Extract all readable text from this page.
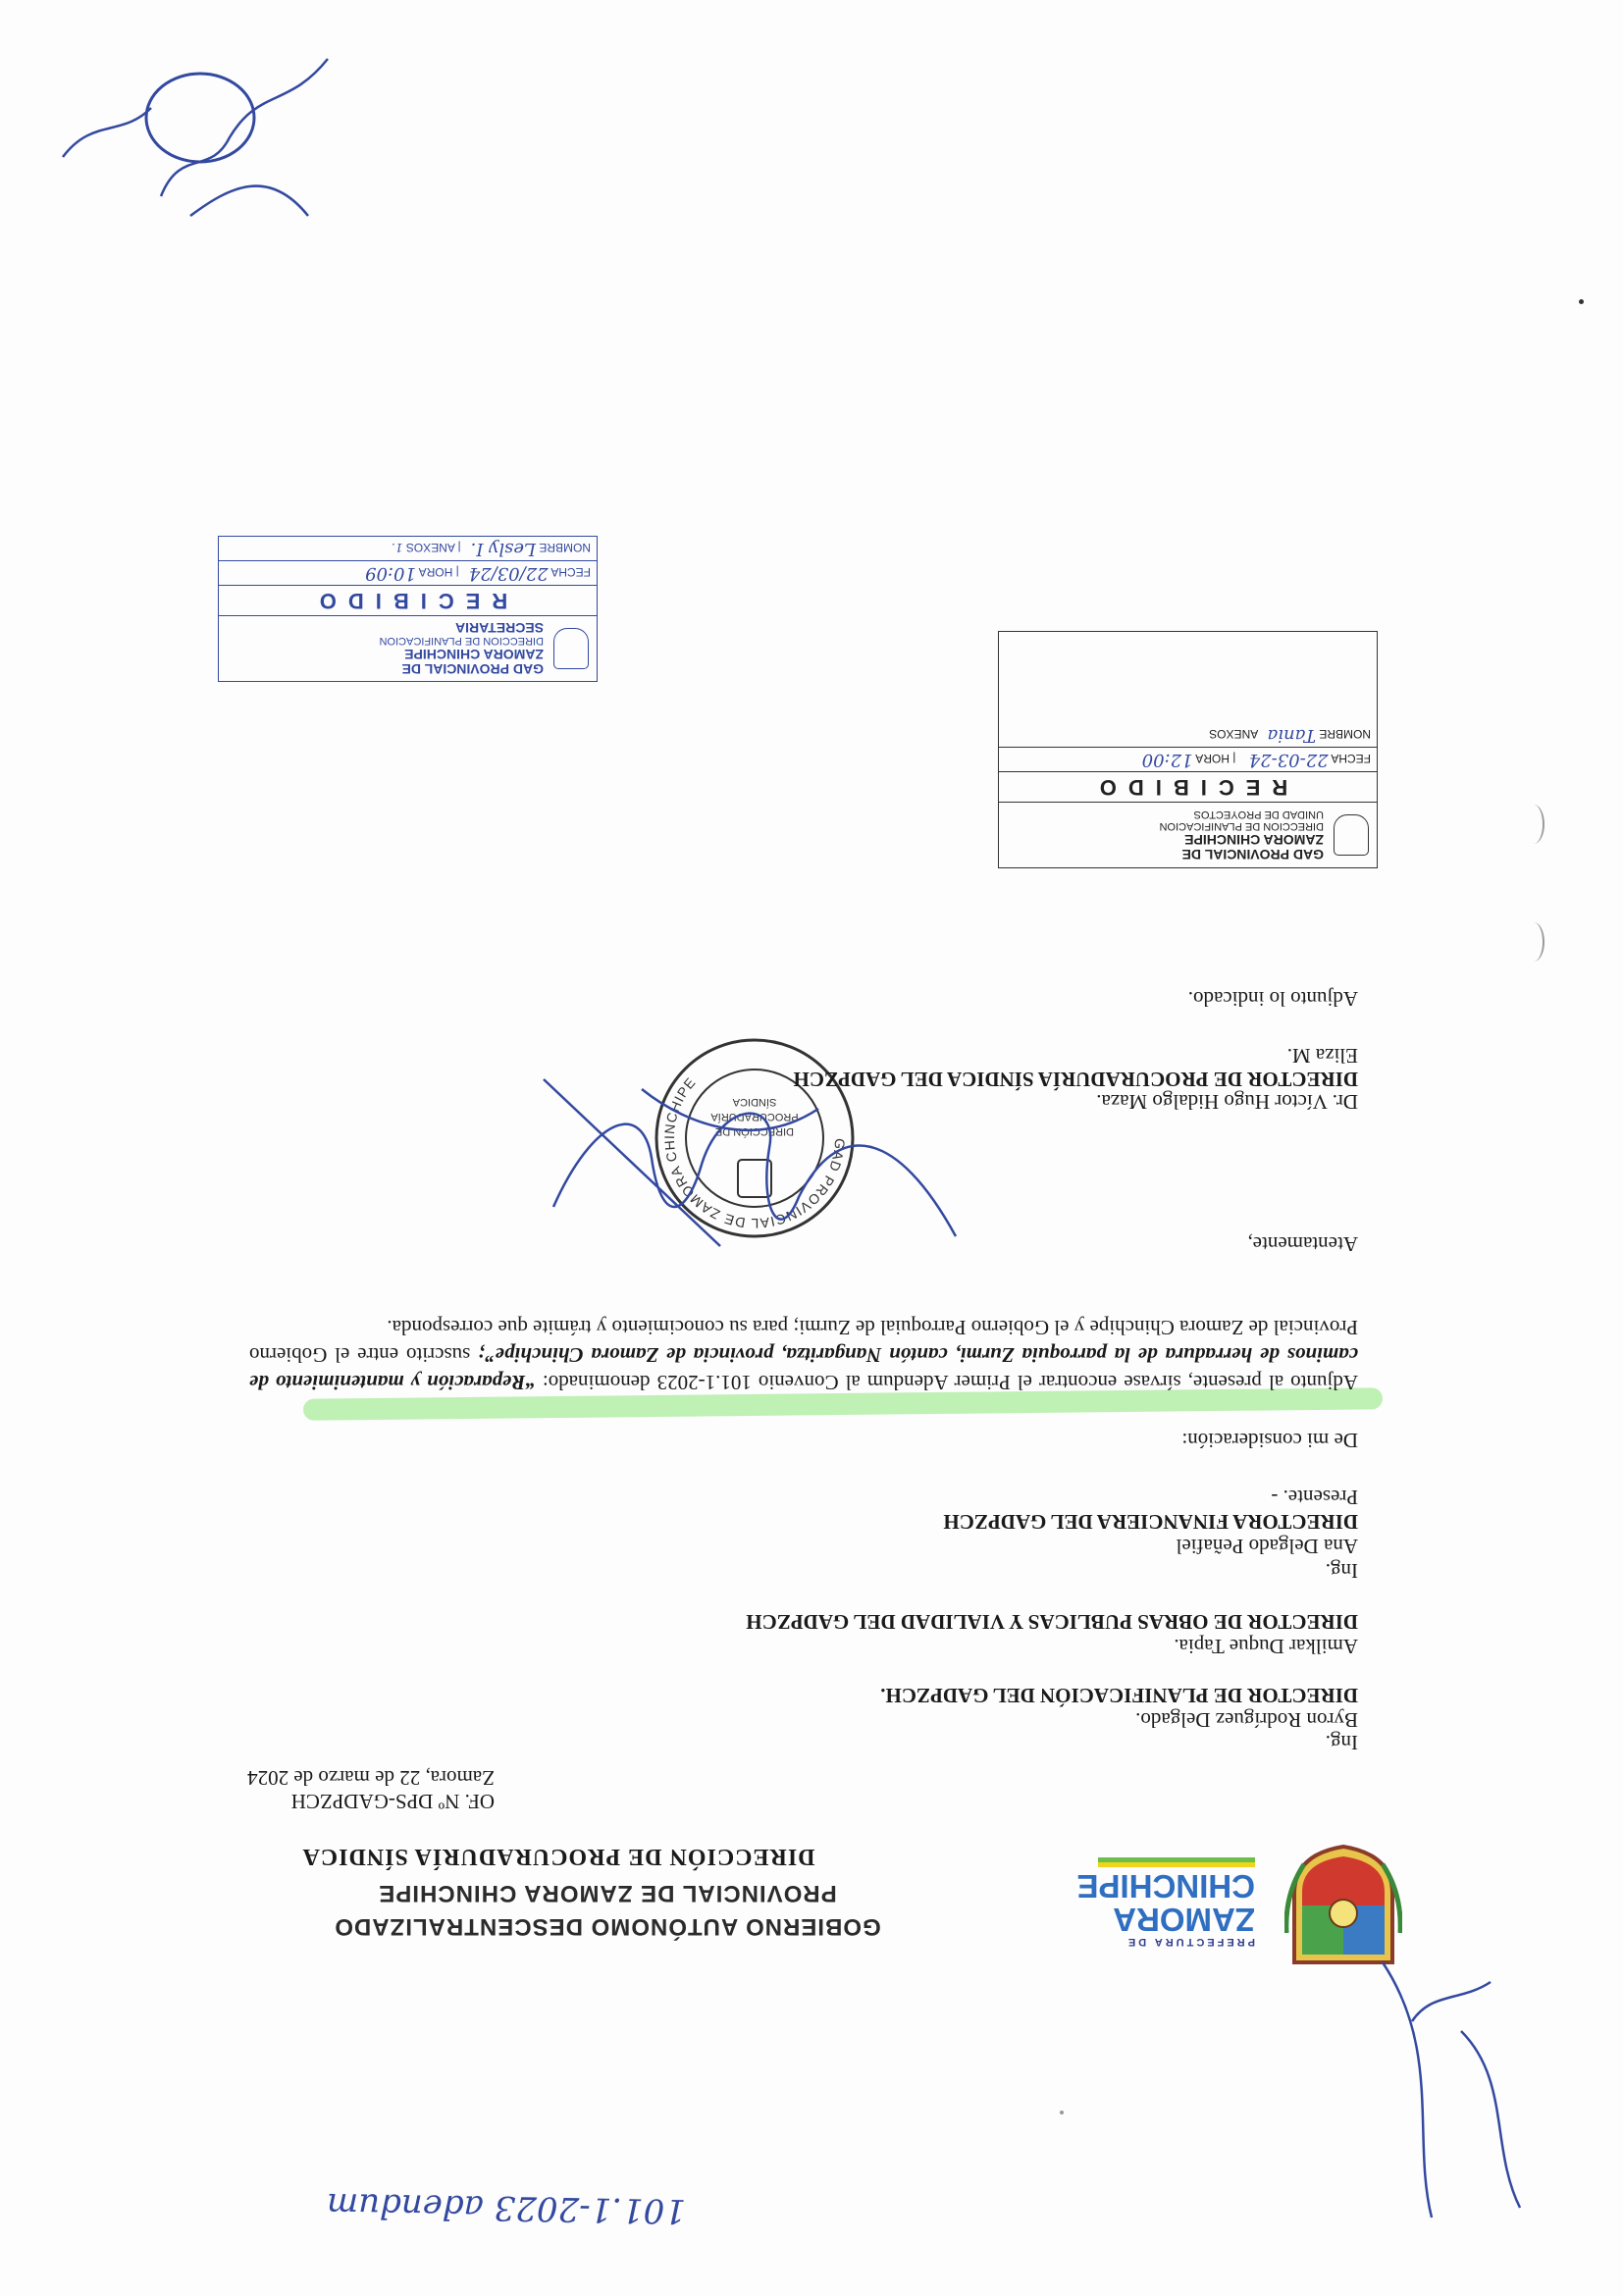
PREFECTURA DE
ZAMORA
CHINCHIPE
GOBIERNO AUTÓNOMO DESCENTRALIZADO
PROVINCIAL DE ZAMORA CHINCHIPE
DIRECCIÓN DE PROCURADURÍA SÍNDICA
OF. Nº DPS-GADPZCH
Zamora, 22 de marzo de 2024
Ing.
Byron Rodríguez Delgado.
DIRECTOR DE PLANIFICACIÓN DEL GADPZCH.
Amilkar Duque Tapia.
DIRECTOR DE OBRAS PUBLICAS Y VIALIDAD DEL GADPZCH
Ing.
Ana Delgado Peñafiel
DIRECTORA FINANCIERA DEL GADPZCH
Presente. -
De mi consideración:
Adjunto al presente, sírvase encontrar el Primer Adendum al Convenio 101.1-2023 denominado: “Reparación y mantenimiento de caminos de herradura de la parroquia Zurmi, cantón Nangaritza, provincia de Zamora Chinchipe”; suscrito entre el Gobierno Provincial de Zamora Chinchipe y el Gobierno Parroquial de Zurmi; para su conocimiento y trámite que corresponda.
Atentamente,
GAD PROVINCIAL DE ZAMORA CHINCHIPE
DIRECCIÓN DE
PROCURADURÍA
SÍNDICA	Dr. Víctor Hugo Hidalgo Maza.
DIRECTOR DE PROCURADURÍA SÍNDICA DEL GADPZCH
Eliza M.
Adjunto lo indicado.
GAD PROVINCIAL DE
ZAMORA CHINCHIPE
DIRECCION DE PLANIFICACION
UNIDAD DE PROYECTOS
RECIBIDO
FECHA 22-03-24    | HORA 12:00
NOMBRE Tania   ANEXOS
GAD PROVINCIAL DE
ZAMORA CHINCHIPE
DIRECCION DE PLANIFICACION
SECRETARIA
RECIBIDO
FECHA 22/03/24   | HORA 10:09
NOMBRE Lesly I.   | ANEXOS 1.
101.1-2023 adendum
